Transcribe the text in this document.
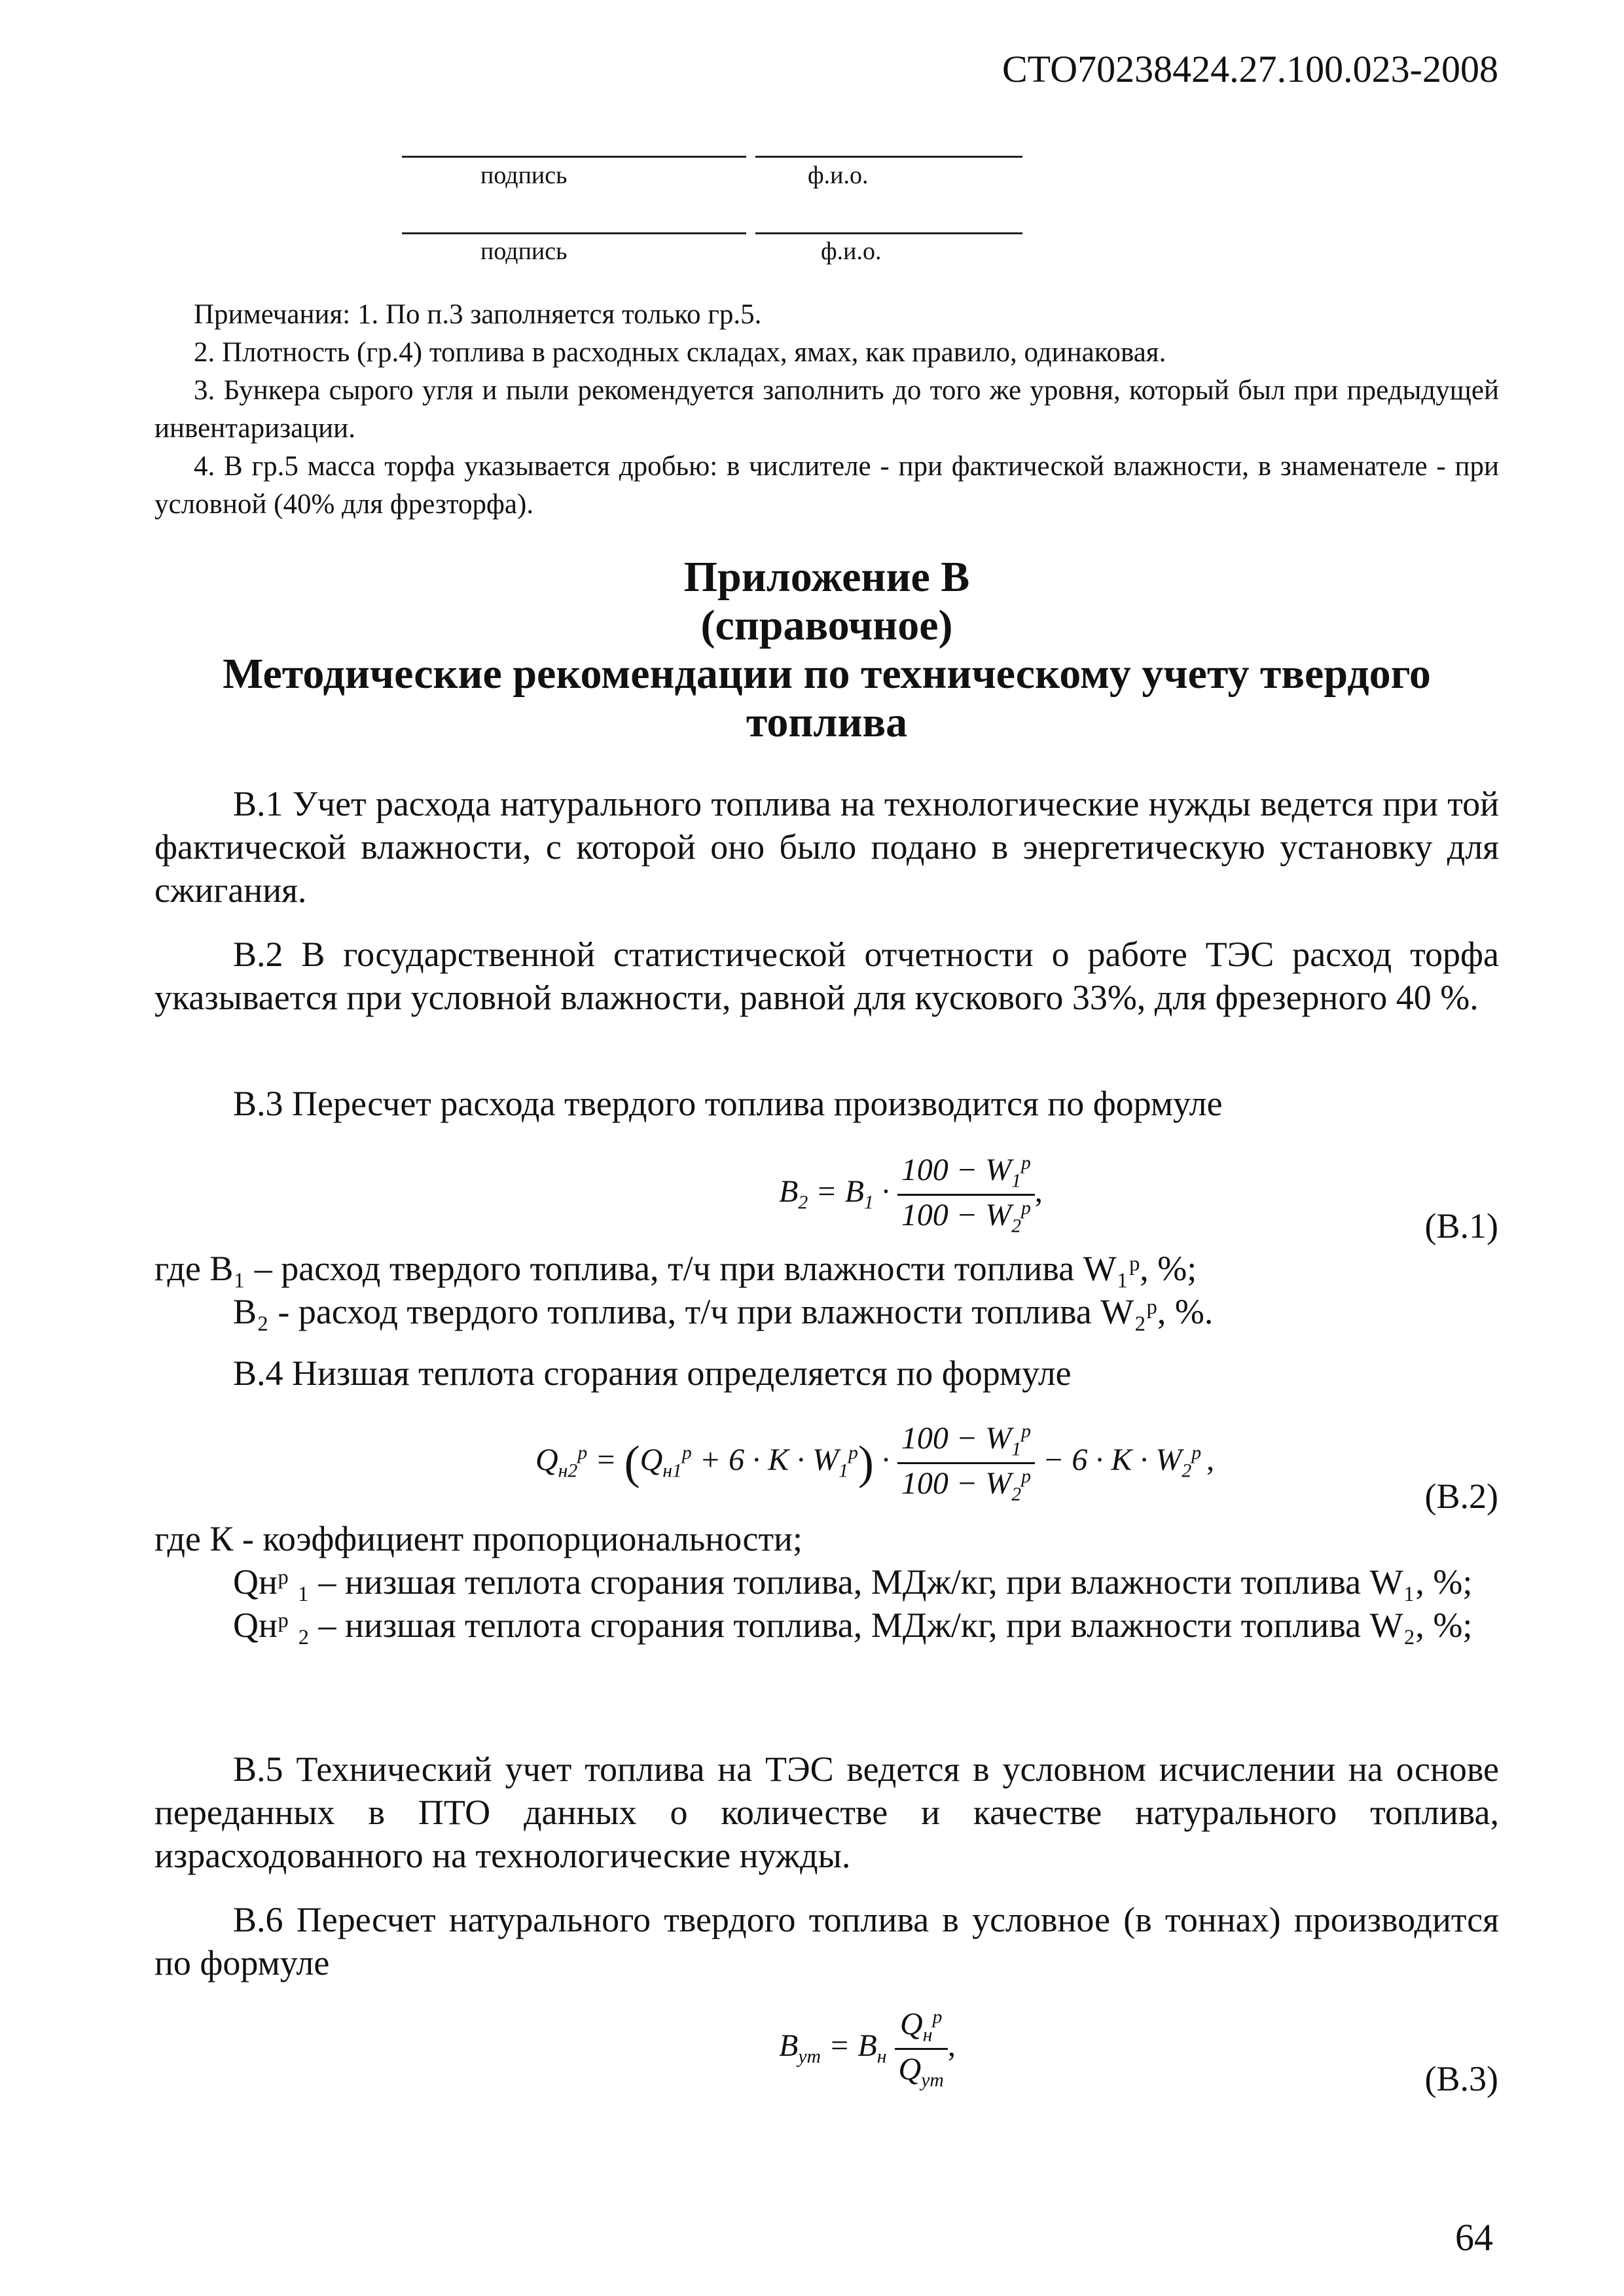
СТО70238424.27.100.023-2008
подпись	ф.и.о.
подпись	ф.и.о.
Примечания: 1. По п.3 заполняется только гр.5.
2. Плотность (гр.4) топлива в расходных складах, ямах, как правило, одинаковая.
3. Бункера сырого угля и пыли рекомендуется заполнить до того же уровня, который был при предыдущей инвентаризации.
4. В гр.5 масса торфа указывается дробью: в числителе - при фактической влажности, в знаменателе - при условной (40% для фрезторфа).
Приложение В
(справочное)
Методические рекомендации по техническому учету твердого
топлива

В.1 Учет расхода натурального топлива на технологические нужды ведется при той фактической влажности, с которой оно было подано в энергетическую установку для сжигания.

В.2 В государственной статистической отчетности о работе ТЭС расход торфа указывается при условной влажности, равной для кускового 33%, для фрезерного 40 %.

В.3 Пересчет расхода твердого топлива производится по формуле

$B_2 = B_1 \cdot \frac{100 - W_1^p}{100 - W_2^p}$ ,
(В.1)

где В₁ – расход твердого топлива, т/ч при влажности топлива W₁ᵖ, %;

В₂ - расход твердого топлива, т/ч при влажности топлива W₂ᵖ, %.

В.4 Низшая теплота сгорания определяется по формуле

$Q_{н2}^p = (Q_{н1}^p + 6 \cdot K \cdot W_1^p) \cdot \frac{100 - W_1^p}{100 - W_2^p} - 6 \cdot K \cdot W_2^p$ ,
(В.2)

где К - коэффициент пропорциональности;

Qнᵖ ₁ – низшая теплота сгорания топлива, МДж/кг, при влажности топлива W₁, %;

Qнᵖ ₂ – низшая теплота сгорания топлива, МДж/кг, при влажности топлива W₂, %;

В.5 Технический учет топлива на ТЭС ведется в условном исчислении на основе переданных в ПТО данных о количестве и качестве натурального топлива, израсходованного на технологические нужды.

В.6 Пересчет натурального твердого топлива в условное (в тоннах) производится по формуле

$B_{ут} = B_н \frac{Q_н^p}{Q_{ут}}$ ,
(В.3)
64
